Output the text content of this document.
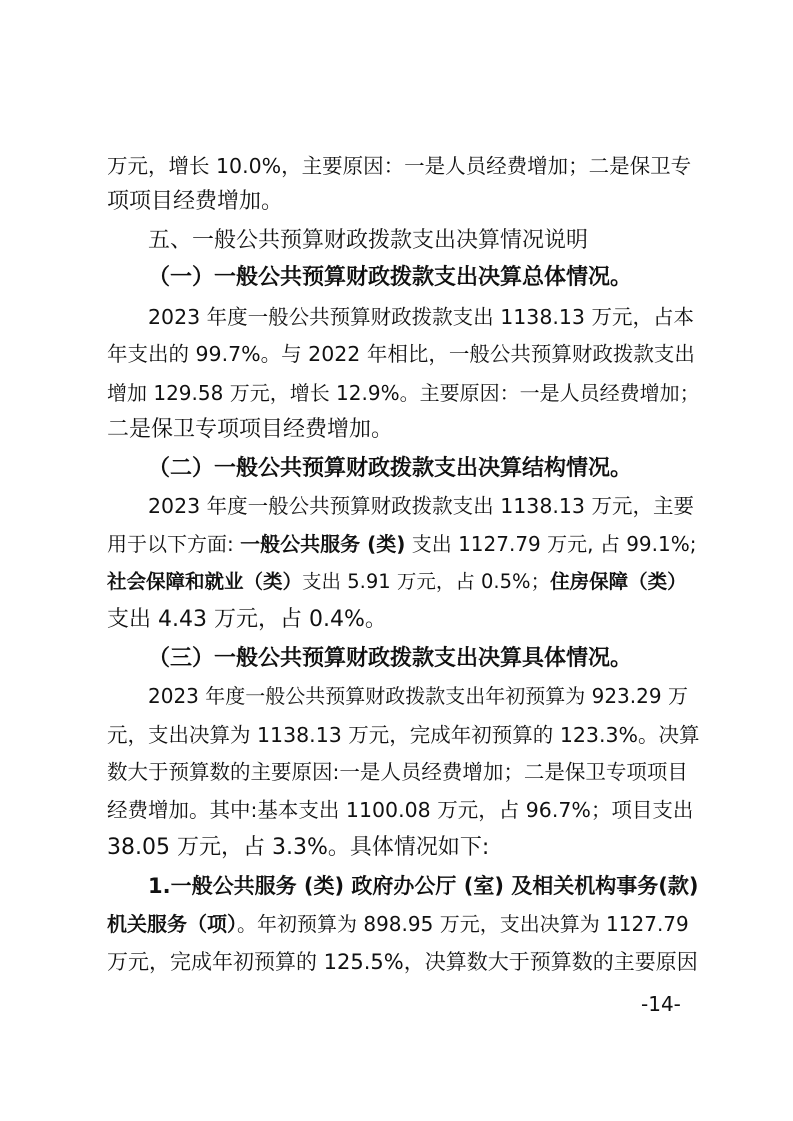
万元，增长 10.0%，主要原因：一是人员经费增加；二是保卫专
项项目经费增加。
五、一般公共预算财政拨款支出决算情况说明
（一）一般公共预算财政拨款支出决算总体情况。
2023 年度一般公共预算财政拨款支出 1138.13 万元，占本
年支出的 99.7%。与 2022 年相比，一般公共预算财政拨款支出
增加 129.58 万元，增长 12.9%。主要原因：一是人员经费增加；
二是保卫专项项目经费增加。
（二）一般公共预算财政拨款支出决算结构情况。
2023 年度一般公共预算财政拨款支出 1138.13 万元，主要
用于以下方面: 一般公共服务 (类) 支出 1127.79 万元, 占 99.1%;
社会保障和就业（类）支出 5.91 万元，占 0.5%；住房保障（类）
支出 4.43 万元，占 0.4%。
（三）一般公共预算财政拨款支出决算具体情况。
2023 年度一般公共预算财政拨款支出年初预算为 923.29 万
元，支出决算为 1138.13 万元，完成年初预算的 123.3%。决算
数大于预算数的主要原因:一是人员经费增加；二是保卫专项项目
经费增加。其中:基本支出 1100.08 万元，占 96.7%；项目支出
38.05 万元，占 3.3%。具体情况如下:
1.一般公共服务 (类) 政府办公厅 (室) 及相关机构事务(款)
机关服务（项）。年初预算为 898.95 万元，支出决算为 1127.79
万元，完成年初预算的 125.5%，决算数大于预算数的主要原因
-14-
